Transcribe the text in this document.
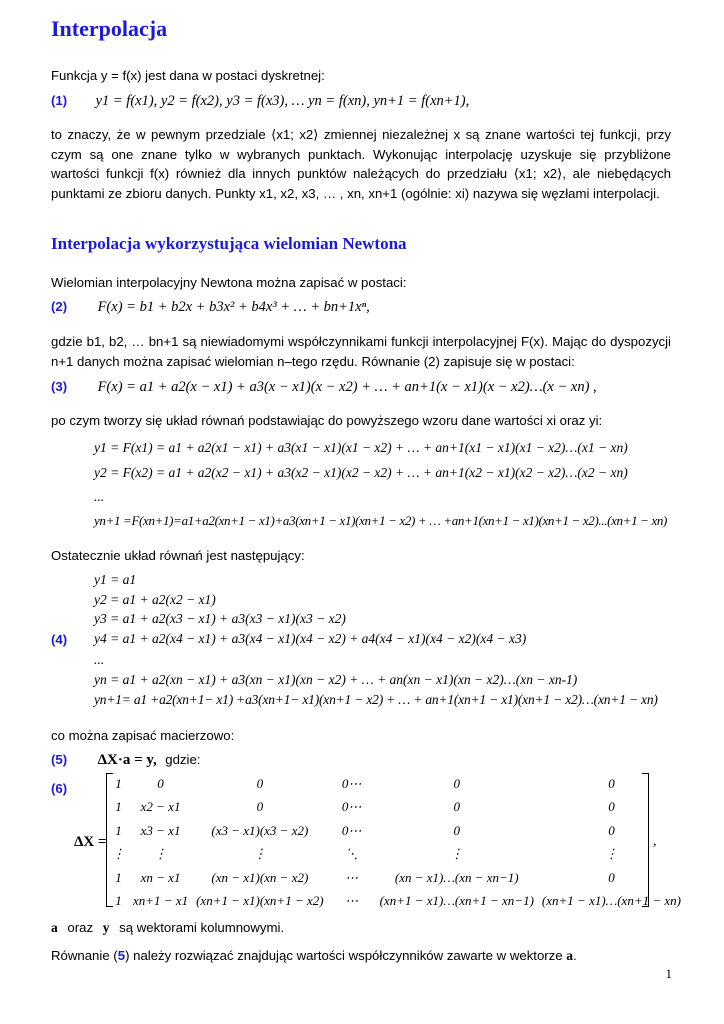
Interpolacja
Funkcja y = f(x) jest dana w postaci dyskretnej:
(1) y1 = f(x1), y2 = f(x2), y3 = f(x3), … yn = f(xn), yn+1 = f(xn+1),
to znaczy, że w pewnym przedziale ⟨x1; x2⟩ zmiennej niezależnej x są znane wartości tej funkcji, przy czym są one znane tylko w wybranych punktach. Wykonując interpolację uzyskuje się przybliżone wartości funkcji f(x) również dla innych punktów należących do przedziału ⟨x1; x2⟩, ale niebędących punktami ze zbioru danych. Punkty x1, x2, x3, … , xn, xn+1 (ogólnie: xi) nazywa się węzłami interpolacji.
Interpolacja wykorzystująca wielomian Newtona
Wielomian interpolacyjny Newtona można zapisać w postaci:
(2) F(x) = b1 + b2x + b3x² + b4x³ + … + bn+1xⁿ,
gdzie b1, b2, … bn+1 są niewiadomymi współczynnikami funkcji interpolacyjnej F(x). Mając do dyspozycji n+1 danych można zapisać wielomian n–tego rzędu. Równanie (2) zapisuje się w postaci:
(3) F(x) = a1 + a2(x − x1) + a3(x − x1)(x − x2) + … + an+1(x − x1)(x − x2)…(x − xn) ,
po czym tworzy się układ równań podstawiając do powyższego wzoru dane wartości xi oraz yi:
y1 = F(x1) = a1 + a2(x1 − x1) + a3(x1 − x1)(x1 − x2) + … + an+1(x1 − x1)(x1 − x2)…(x1 − xn)
y2 = F(x2) = a1 + a2(x2 − x1) + a3(x2 − x1)(x2 − x2) + … + an+1(x2 − x1)(x2 − x2)…(x2 − xn)
...
yn+1 =F(xn+1)=a1+a2(xn+1 − x1)+a3(xn+1 − x1)(xn+1 − x2) + … +an+1(xn+1 − x1)(xn+1 − x2)...(xn+1 − xn)
Ostatecznie układ równań jest następujący:
y1 = a1
y2 = a1 + a2(x2 − x1)
y3 = a1 + a2(x3 − x1) + a3(x3 − x1)(x3 − x2)
(4) y4 = a1 + a2(x4 − x1) + a3(x4 − x1)(x4 − x2) + a4(x4 − x1)(x4 − x2)(x4 − x3)
...
yn = a1 + a2(xn − x1) + a3(xn − x1)(xn − x2) + … + an(xn − x1)(xn − x2)…(xn − xn-1)
yn+1= a1 +a2(xn+1− x1) +a3(xn+1− x1)(xn+1 − x2) + … + an+1(xn+1 − x1)(xn+1 − x2)…(xn+1 − xn)
co można zapisać macierzowo:
(5) ΔX·a = y, gdzie:
(6)
ΔX =	,
1	0	0	0⋯	0	0
1	x2 − x1	0	0⋯	0	0
1	x3 − x1	(x3 − x1)(x3 − x2)	0⋯	0	0
⋮	⋮	⋮	⋱	⋮	⋮
1	xn − x1	(xn − x1)(xn − x2)	⋯	(xn − x1)…(xn − xn−1)	0
1	xn+1 − x1	(xn+1 − x1)(xn+1 − x2)	⋯	(xn+1 − x1)…(xn+1 − xn−1)	(xn+1 − x1)…(xn+1 − xn)
a oraz y są wektorami kolumnowymi.
Równanie (5) należy rozwiązać znajdując wartości współczynników zawarte w wektorze a.
1
